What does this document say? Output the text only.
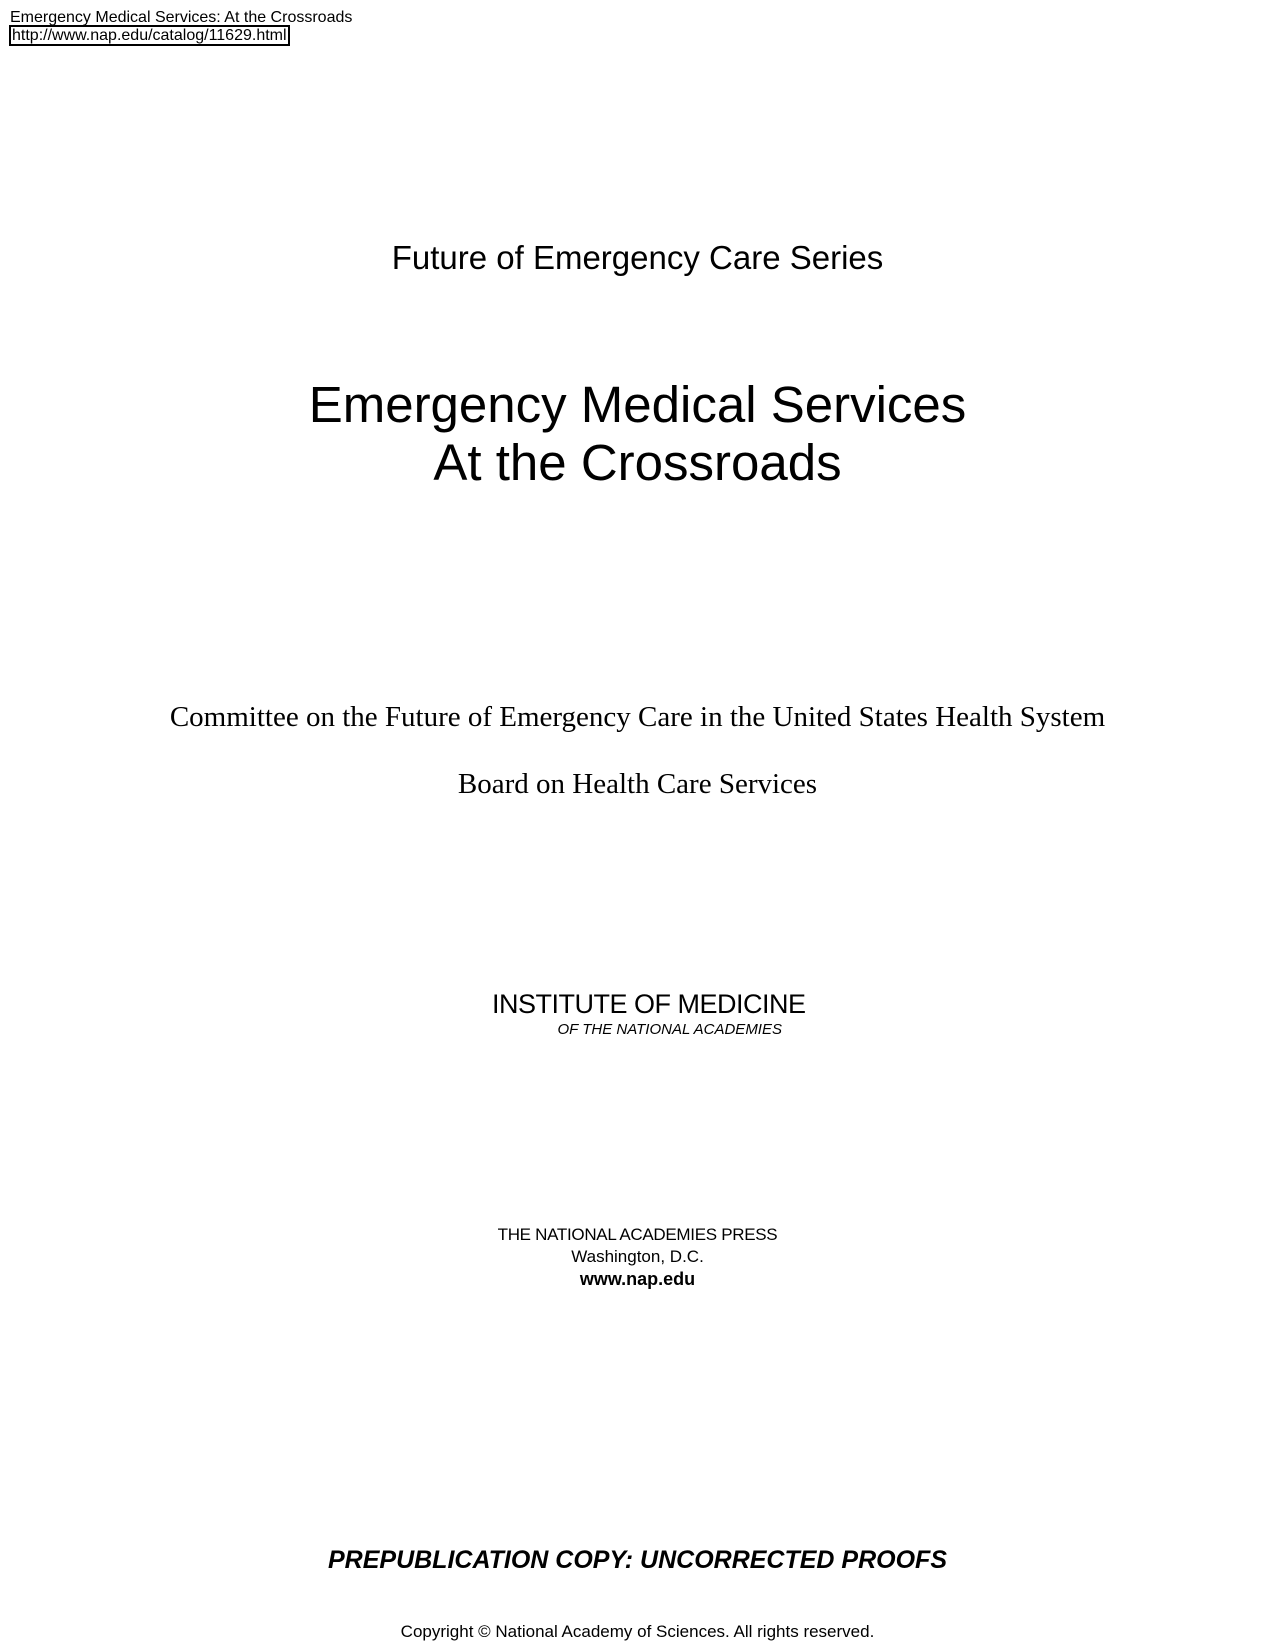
Emergency Medical Services: At the Crossroads
http://www.nap.edu/catalog/11629.html
Future of Emergency Care Series
Emergency Medical Services
At the Crossroads
Committee on the Future of Emergency Care in the United States Health System
Board on Health Care Services
INSTITUTE OF MEDICINE
OF THE NATIONAL ACADEMIES
THE NATIONAL ACADEMIES PRESS
Washington, D.C.
www.nap.edu
PREPUBLICATION COPY: UNCORRECTED PROOFS
Copyright © National Academy of Sciences. All rights reserved.
